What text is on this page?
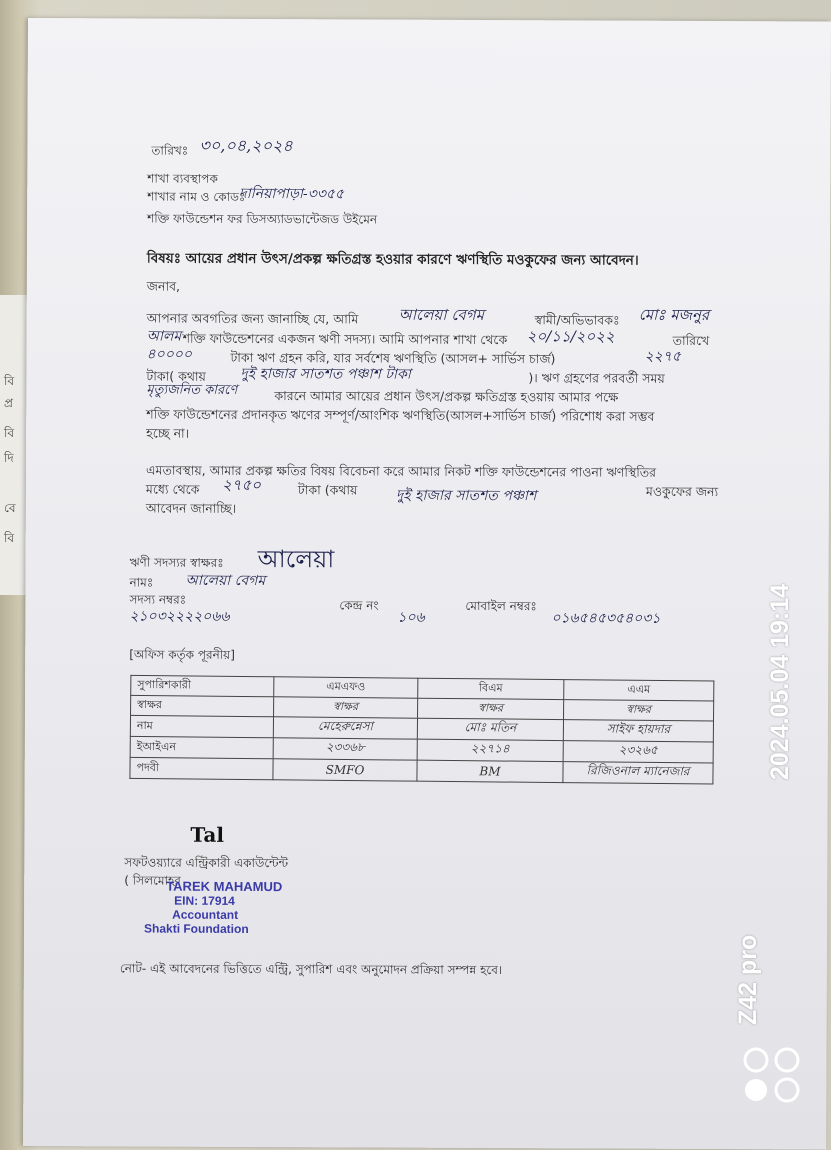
বি
প্র
বি
দি
বে
বি
তারিখঃ ৩০,০৪,২০২৪
শাখা ব্যবস্থাপক
শাখার নাম ও কোডঃ
দানিয়াপাড়া-৩৩৫৫
শক্তি ফাউন্ডেশন ফর ডিসঅ্যাডভান্টেজড উইমেন
বিষয়ঃ আয়ের প্রধান উৎস/প্রকল্প ক্ষতিগ্রস্ত হওয়ার কারণে ঋণস্থিতি মওকুফের জন্য আবেদন।
জনাব,
আপনার অবগতির জন্য জানাচ্ছি যে, আমি	আলেয়া বেগম	স্বামী/অভিভাবকঃ মোঃ মজনুর
আলম শক্তি ফাউন্ডেশনের একজন ঋণী সদস্য। আমি আপনার শাখা থেকে ২০/১১/২০২২	তারিখে
৪০০০০	টাকা ঋণ গ্রহন করি, যার সর্বশেষ ঋণস্থিতি (আসল+ সার্ভিস চার্জ)	২২৭৫
টাকা( কথায় দুই হাজার সাতশত পঞ্চাশ টাকা	)। ঋণ গ্রহণের পরবর্তী সময়
মৃত্যুজনিত কারণে	কারনে আমার আয়ের প্রধান উৎস/প্রকল্প ক্ষতিগ্রস্ত হওয়ায় আমার পক্ষে
শক্তি ফাউন্ডেশনের প্রদানকৃত ঋণের সম্পূর্ণ/আংশিক ঋণস্থিতি(আসল+সার্ভিস চার্জ) পরিশোধ করা সম্ভব
হচ্ছে না।
এমতাবস্থায়, আমার প্রকল্প ক্ষতির বিষয় বিবেচনা করে আমার নিকট শক্তি ফাউন্ডেশনের পাওনা ঋণস্থিতির
মধ্যে থেকে ২৭৫০	টাকা (কথায়	দুই হাজার সাতশত পঞ্চাশ	মওকুফের জন্য
আবেদন জানাচ্ছি।
ঋণী সদস্যর স্বাক্ষরঃ আলেয়া
নামঃ আলেয়া বেগম
সদস্য নম্বরঃ
২১০৩২২২২০৬৬
কেন্দ্র নং
১০৬
মোবাইল নম্বরঃ
০১৬৫৪৫৩৫৪০৩১
[অফিস কর্তৃক পূরনীয়]
সুপারিশকারী	এমএফও	বিএম	এএম
স্বাক্ষর	স্বাক্ষর	স্বাক্ষর	স্বাক্ষর
নাম	মেহেরুন্নেসা	মোঃ মতিন	সাইফ হায়দার
ইআইএন	২৩৩৬৮	২২৭১৪	২৩২৬৫
পদবী	SMFO	BM	রিজিওনাল ম্যানেজার
Tal
সফটওয়্যারে এন্ট্রিকারী একাউন্টেন্ট
( সিলমোহর
TAREK MAHAMUD
EIN: 17914
Accountant
Shakti Foundation
নোট- এই আবেদনের ভিত্তিতে এন্ট্রি, সুপারিশ এবং অনুমোদন প্রক্রিয়া সম্পন্ন হবে।
2024.05.04 19:14
Z42 pro
